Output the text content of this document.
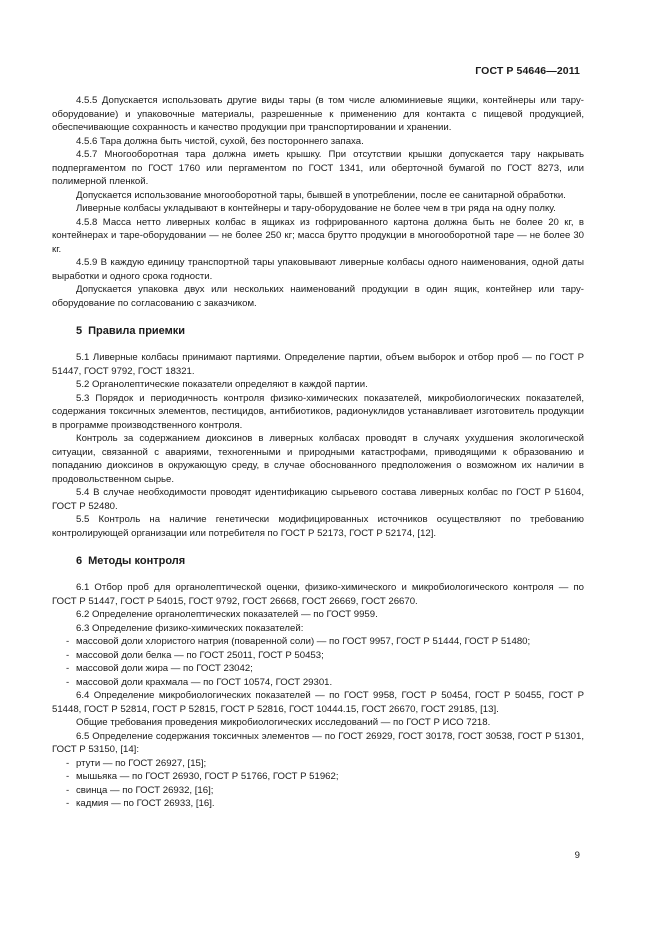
ГОСТ Р 54646—2011

4.5.5 Допускается использовать другие виды тары (в том числе алюминиевые ящики, контейнеры или тару-оборудование) и упаковочные материалы, разрешенные к применению для контакта с пищевой продукцией, обеспечивающие сохранность и качество продукции при транспортировании и хранении.

4.5.6 Тара должна быть чистой, сухой, без постороннего запаха.

4.5.7 Многооборотная тара должна иметь крышку. При отсутствии крышки допускается тару накрывать подпергаментом по ГОСТ 1760 или пергаментом по ГОСТ 1341, или оберточной бумагой по ГОСТ 8273, или полимерной пленкой.

Допускается использование многооборотной тары, бывшей в употреблении, после ее санитарной обработки.

Ливерные колбасы укладывают в контейнеры и тару-оборудование не более чем в три ряда на одну полку.

4.5.8 Масса нетто ливерных колбас в ящиках из гофрированного картона должна быть не более 20 кг, в контейнерах и таре-оборудовании — не более 250 кг; масса брутто продукции в многооборотной таре — не более 30 кг.

4.5.9 В каждую единицу транспортной тары упаковывают ливерные колбасы одного наименования, одной даты выработки и одного срока годности.

Допускается упаковка двух или нескольких наименований продукции в один ящик, контейнер или тару-оборудование по согласованию с заказчиком.

5 Правила приемки

5.1 Ливерные колбасы принимают партиями. Определение партии, объем выборок и отбор проб — по ГОСТ Р 51447, ГОСТ 9792, ГОСТ 18321.

5.2 Органолептические показатели определяют в каждой партии.

5.3 Порядок и периодичность контроля физико-химических показателей, микробиологических показателей, содержания токсичных элементов, пестицидов, антибиотиков, радионуклидов устанавливает изготовитель продукции в программе производственного контроля.

Контроль за содержанием диоксинов в ливерных колбасах проводят в случаях ухудшения экологической ситуации, связанной с авариями, техногенными и природными катастрофами, приводящими к образованию и попаданию диоксинов в окружающую среду, в случае обоснованного предположения о возможном их наличии в продовольственном сырье.

5.4 В случае необходимости проводят идентификацию сырьевого состава ливерных колбас по ГОСТ Р 51604, ГОСТ Р 52480.

5.5 Контроль на наличие генетически модифицированных источников осуществляют по требованию контролирующей организации или потребителя по ГОСТ Р 52173, ГОСТ Р 52174, [12].

6 Методы контроля

6.1 Отбор проб для органолептической оценки, физико-химического и микробиологического контроля — по ГОСТ Р 51447, ГОСТ Р 54015, ГОСТ 9792, ГОСТ 26668, ГОСТ 26669, ГОСТ 26670.

6.2 Определение органолептических показателей — по ГОСТ 9959.

6.3 Определение физико-химических показателей:

-массовой доли хлористого натрия (поваренной соли) — по ГОСТ 9957, ГОСТ Р 51444, ГОСТ Р 51480;
-массовой доли белка — по ГОСТ 25011, ГОСТ Р 50453;
-массовой доли жира — по ГОСТ 23042;
-массовой доли крахмала — по ГОСТ 10574, ГОСТ 29301.

6.4 Определение микробиологических показателей — по ГОСТ 9958, ГОСТ Р 50454, ГОСТ Р 50455, ГОСТ Р 51448, ГОСТ Р 52814, ГОСТ Р 52815, ГОСТ Р 52816, ГОСТ 10444.15, ГОСТ 26670, ГОСТ 29185, [13].

Общие требования проведения микробиологических исследований — по ГОСТ Р ИСО 7218.

6.5 Определение содержания токсичных элементов — по ГОСТ 26929, ГОСТ 30178, ГОСТ 30538, ГОСТ Р 51301, ГОСТ Р 53150, [14]:

-ртути — по ГОСТ 26927, [15];
-мышьяка — по ГОСТ 26930, ГОСТ Р 51766, ГОСТ Р 51962;
-свинца — по ГОСТ 26932, [16];
-кадмия — по ГОСТ 26933, [16].
9
